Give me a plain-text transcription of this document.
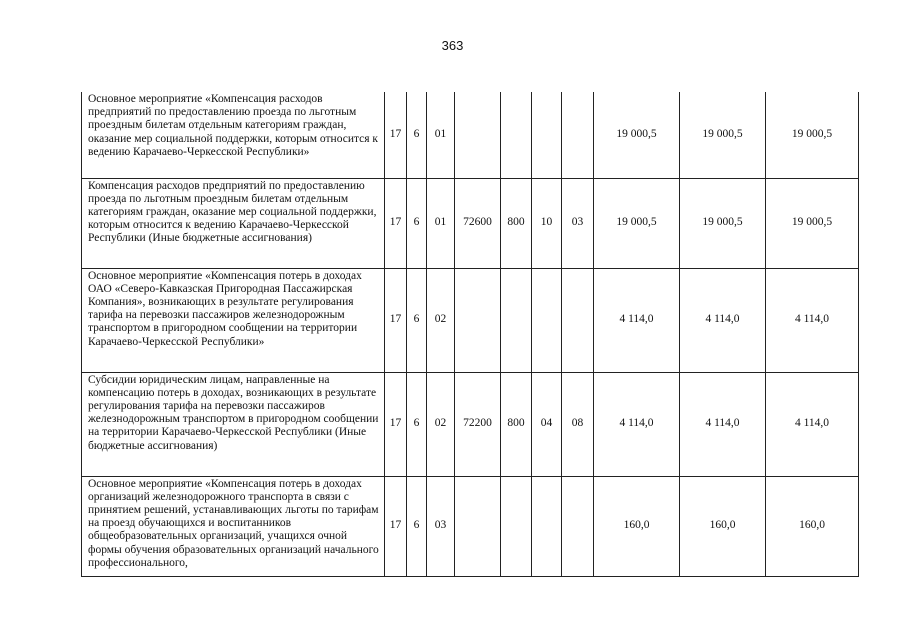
363
Основное мероприятие «Компенсация расходов предприятий по предоставлению проезда по льготным проездным билетам отдельным категориям граждан, оказание мер социальной поддержки, которым относится к ведению Карачаево-Черкесской Республики»	17	6	01					19 000,5	19 000,5	19 000,5
Компенсация расходов предприятий по предоставлению проезда по льготным проездным билетам отдельным категориям граждан, оказание мер социальной поддержки, которым относится к ведению Карачаево-Черкесской Республики (Иные бюджетные ассигнования)	17	6	01	72600	800	10	03	19 000,5	19 000,5	19 000,5
Основное мероприятие «Компенсация потерь в доходах ОАО «Северо-Кавказская Пригородная Пассажирская Компания», возникающих в результате регулирования тарифа на перевозки пассажиров железнодорожным транспортом в пригородном сообщении на территории Карачаево-Черкесской Республики»	17	6	02					4 114,0	4 114,0	4 114,0
Субсидии юридическим лицам, направленные на компенсацию потерь в доходах, возникающих в результате регулирования тарифа на перевозки пассажиров железнодорожным транспортом в пригородном сообщении на территории Карачаево-Черкесской Республики (Иные бюджетные ассигнования)	17	6	02	72200	800	04	08	4 114,0	4 114,0	4 114,0
Основное мероприятие «Компенсация потерь в доходах организаций железнодорожного транспорта в связи с принятием решений, устанавливающих льготы по тарифам на проезд обучающихся и воспитанников общеобразовательных организаций, учащихся очной формы обучения образовательных организаций начального профессионального,	17	6	03					160,0	160,0	160,0
